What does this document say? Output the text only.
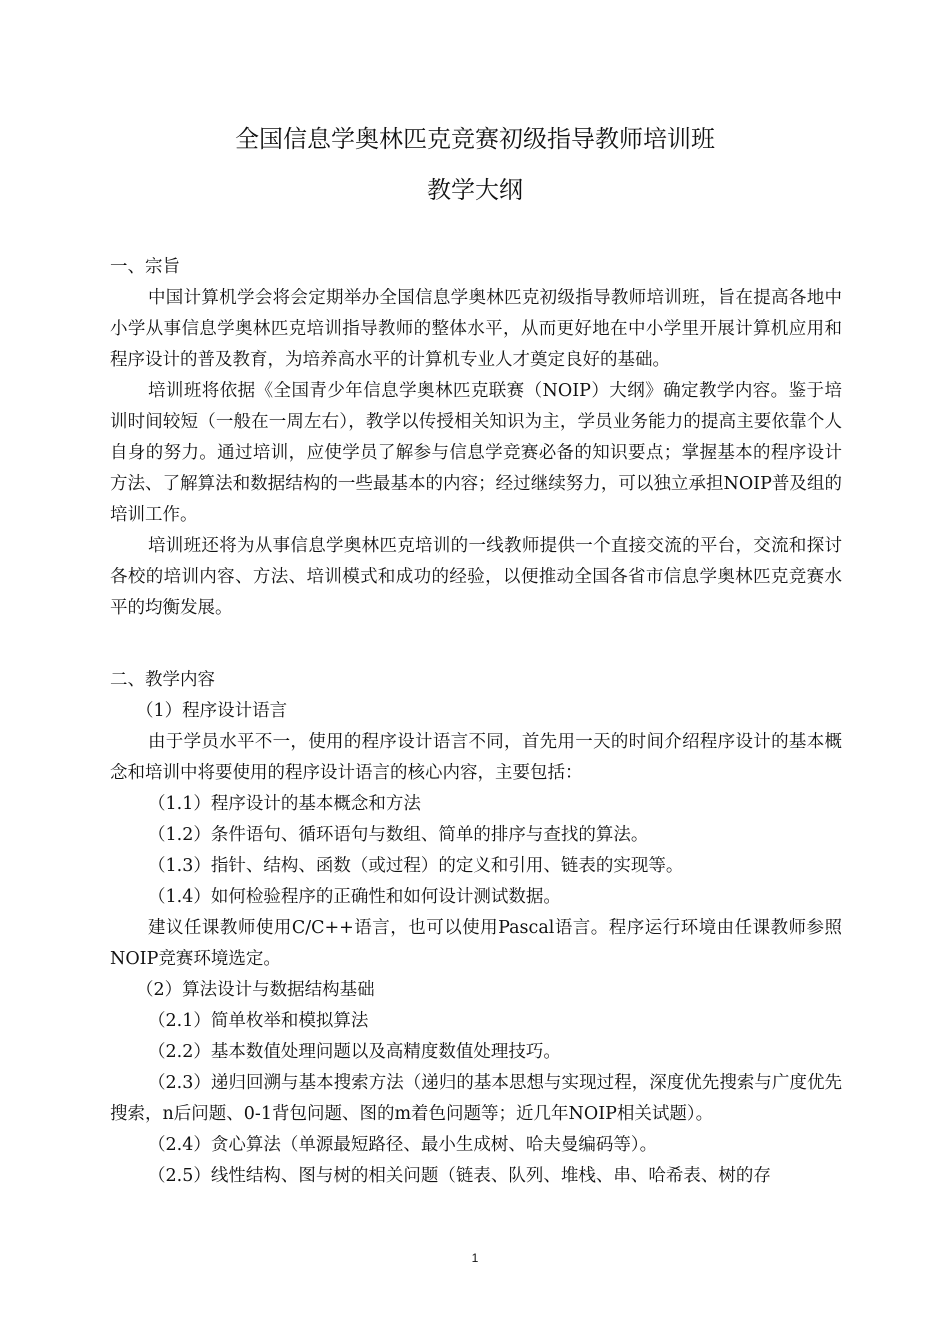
全国信息学奥林匹克竞赛初级指导教师培训班
教学大纲
一、宗旨
中国计算机学会将会定期举办全国信息学奥林匹克初级指导教师培训班，旨在提高各地中小学从事信息学奥林匹克培训指导教师的整体水平，从而更好地在中小学里开展计算机应用和程序设计的普及教育，为培养高水平的计算机专业人才奠定良好的基础。
培训班将依据《全国青少年信息学奥林匹克联赛（NOIP）大纲》确定教学内容。鉴于培训时间较短（一般在一周左右），教学以传授相关知识为主，学员业务能力的提高主要依靠个人自身的努力。通过培训，应使学员了解参与信息学竞赛必备的知识要点；掌握基本的程序设计方法、了解算法和数据结构的一些最基本的内容；经过继续努力，可以独立承担NOIP普及组的培训工作。
培训班还将为从事信息学奥林匹克培训的一线教师提供一个直接交流的平台，交流和探讨各校的培训内容、方法、培训模式和成功的经验，以便推动全国各省市信息学奥林匹克竞赛水平的均衡发展。
二、教学内容
（1）程序设计语言
由于学员水平不一，使用的程序设计语言不同，首先用一天的时间介绍程序设计的基本概念和培训中将要使用的程序设计语言的核心内容，主要包括：
（1.1）程序设计的基本概念和方法
（1.2）条件语句、循环语句与数组、简单的排序与查找的算法。
（1.3）指针、结构、函数（或过程）的定义和引用、链表的实现等。
（1.4）如何检验程序的正确性和如何设计测试数据。
建议任课教师使用C/C++语言，也可以使用Pascal语言。程序运行环境由任课教师参照NOIP竞赛环境选定。
（2）算法设计与数据结构基础
（2.1）简单枚举和模拟算法
（2.2）基本数值处理问题以及高精度数值处理技巧。
（2.3）递归回溯与基本搜索方法（递归的基本思想与实现过程，深度优先搜索与广度优先搜索，n后问题、0-1背包问题、图的m着色问题等；近几年NOIP相关试题）。
（2.4）贪心算法（单源最短路径、最小生成树、哈夫曼编码等）。
（2.5）线性结构、图与树的相关问题（链表、队列、堆栈、串、哈希表、树的存
1
